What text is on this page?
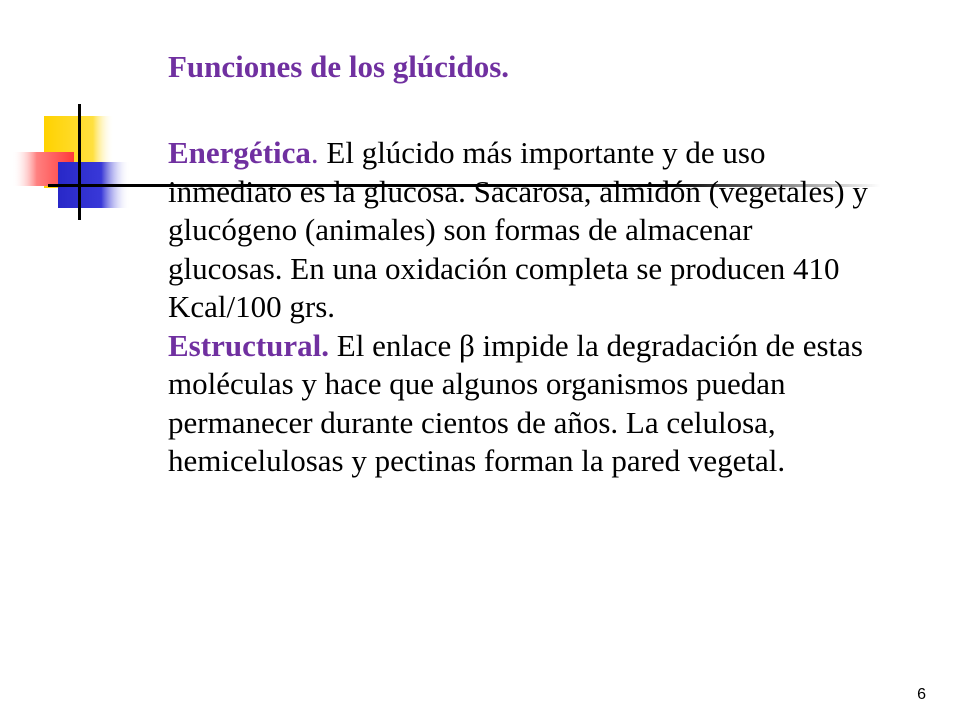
Funciones de los glúcidos.
Energética. El glúcido más importante y de uso inmediato es la glucosa. Sacarosa, almidón (vegetales) y glucógeno (animales) son formas de almacenar glucosas. En una oxidación completa se producen 410 Kcal/100 grs.
Estructural. El enlace β impide la degradación de estas moléculas y hace que algunos organismos puedan permanecer durante cientos de años. La celulosa, hemicelulosas y pectinas forman la pared vegetal.
6
